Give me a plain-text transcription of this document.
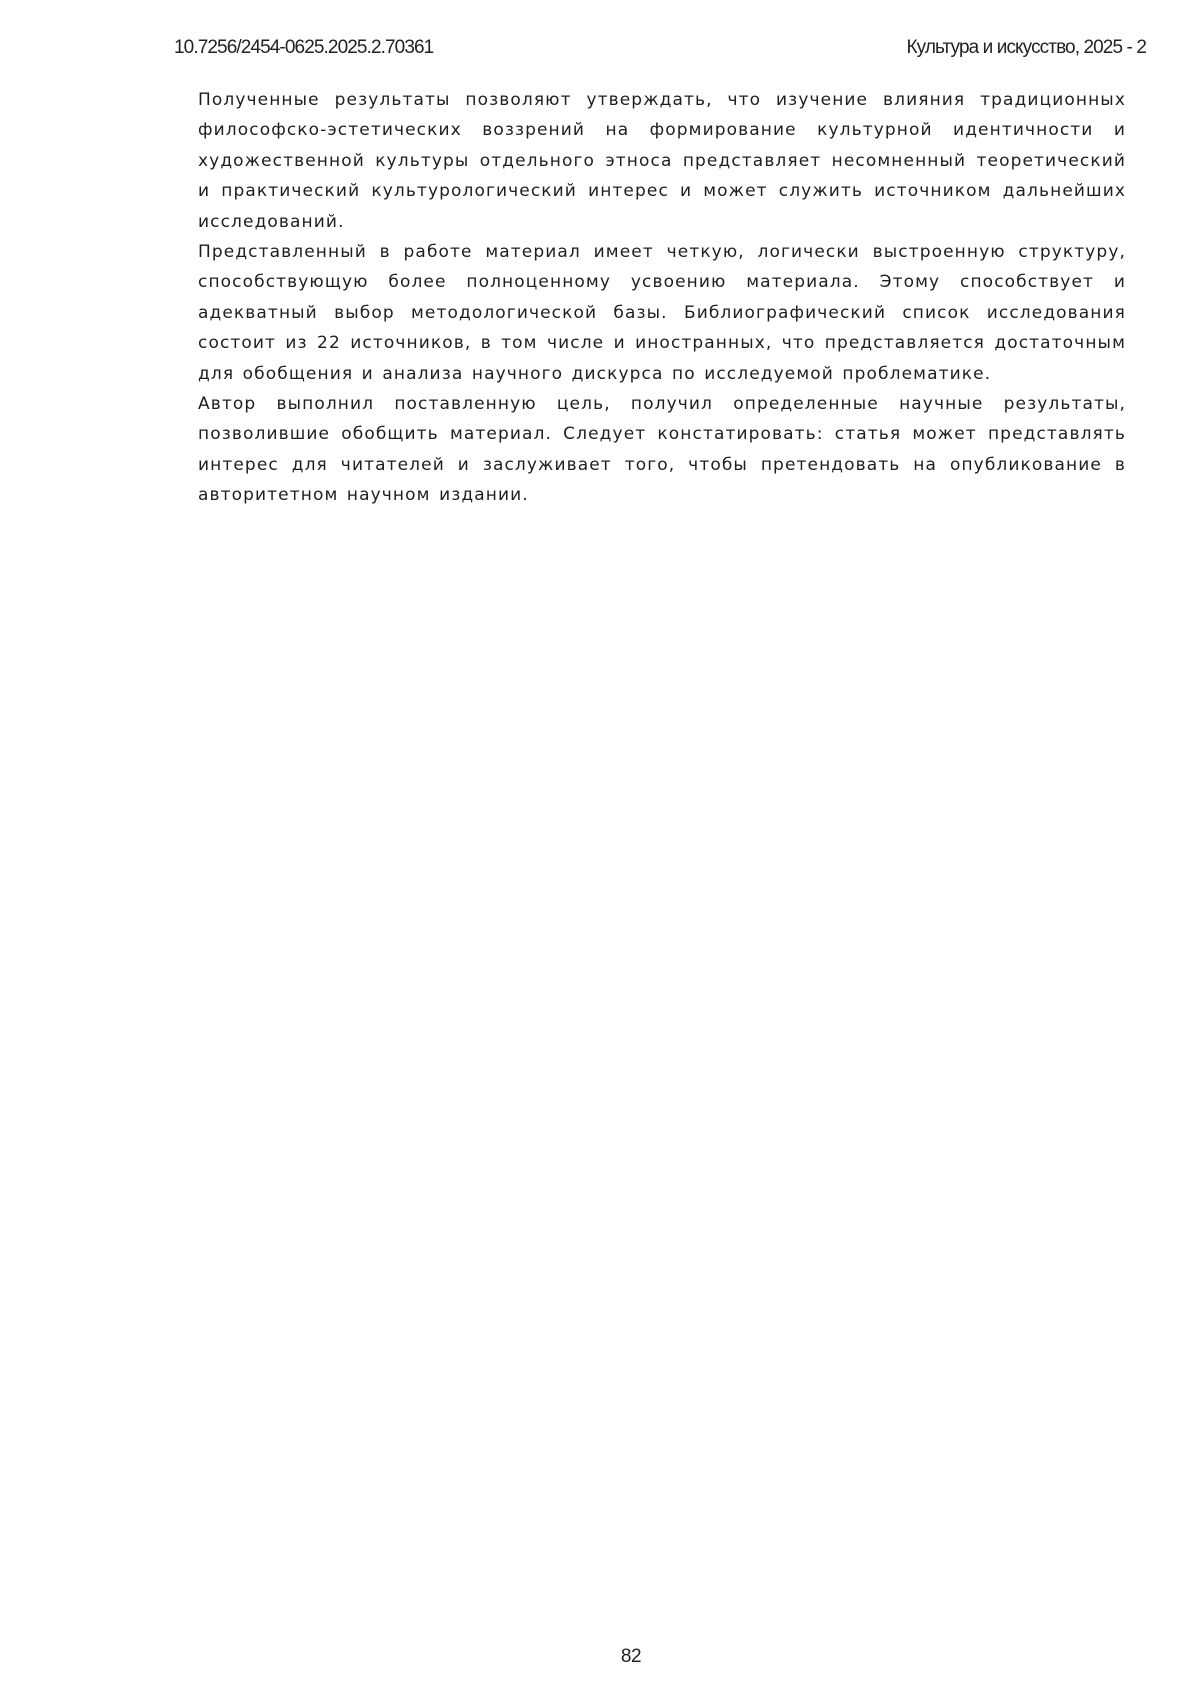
10.7256/2454-0625.2025.2.70361	Культура и искусство, 2025 - 2

Полученные результаты позволяют утверждать, что изучение влияния традиционных философско-эстетических воззрений на формирование культурной идентичности и художественной культуры отдельного этноса представляет несомненный теоретический и практический культурологический интерес и может служить источником дальнейших исследований.

Представленный в работе материал имеет четкую, логически выстроенную структуру, способствующую более полноценному усвоению материала. Этому способствует и адекватный выбор методологической базы. Библиографический список исследования состоит из 22 источников, в том числе и иностранных, что представляется достаточным для обобщения и анализа научного дискурса по исследуемой проблематике.

Автор выполнил поставленную цель, получил определенные научные результаты, позволившие обобщить материал. Следует констатировать: статья может представлять интерес для читателей и заслуживает того, чтобы претендовать на опубликование в авторитетном научном издании.

82
